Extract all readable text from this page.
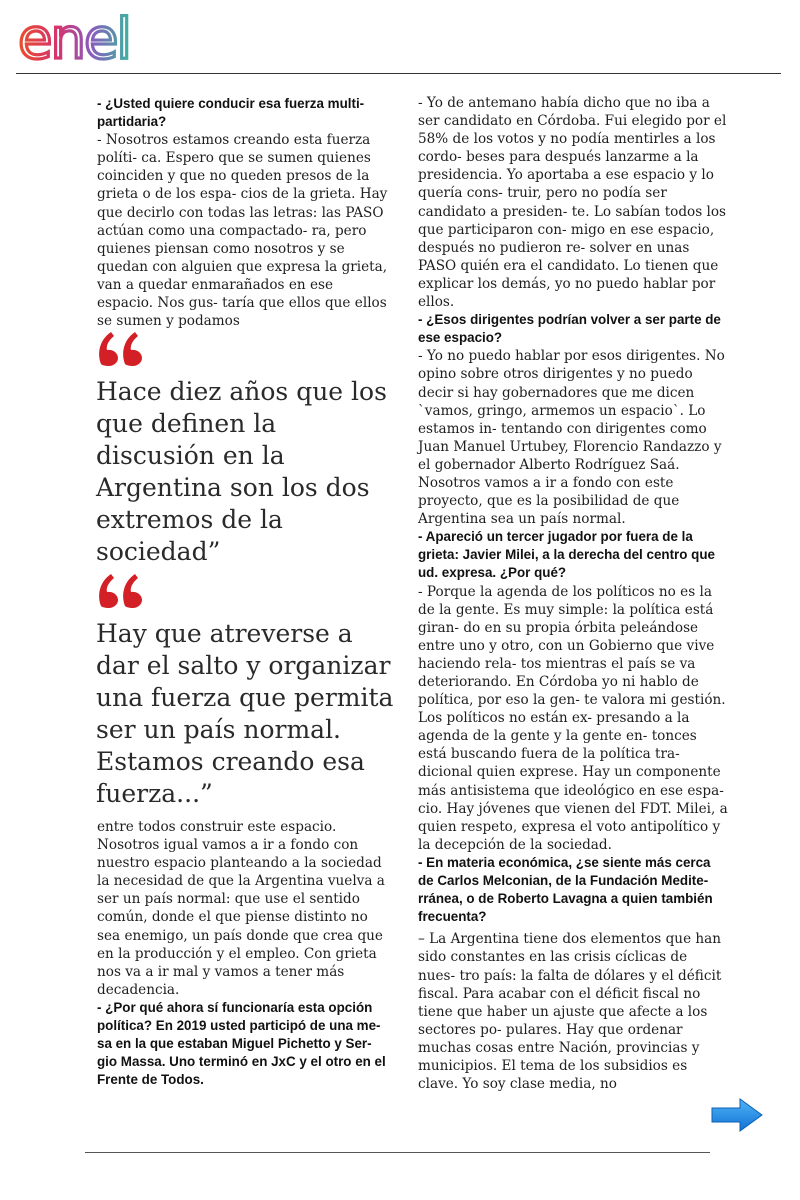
enel

- ¿Usted quiere conducir esa fuerza multi- partidaria?

- Nosotros estamos creando esta fuerza políti- ca. Espero que se sumen quienes coinciden y que no queden presos de la grieta o de los espa- cios de la grieta. Hay que decirlo con todas las letras: las PASO actúan como una compactado- ra, pero quienes piensan como nosotros y se quedan con alguien que expresa la grieta, van a quedar enmarañados en ese espacio. Nos gus- taría que ellos que ellos se sumen y podamos

Hace diez años que los que definen la discusión en la Argentina son los dos extremos de la sociedad”
Hay que atreverse a dar el salto y organizar una fuerza que permita ser un país normal. Estamos creando esa fuerza...”

entre todos construir este espacio. Nosotros igual vamos a ir a fondo con nuestro espacio planteando a la sociedad la necesidad de que la Argentina vuelva a ser un país normal: que use el sentido común, donde el que piense distinto no sea enemigo, un país donde que crea que en la producción y el empleo. Con grieta nos va a ir mal y vamos a tener más decadencia.

- ¿Por qué ahora sí funcionaría esta opción política? En 2019 usted participó de una me- sa en la que estaban Miguel Pichetto y Ser- gio Massa. Uno terminó en JxC y el otro en el Frente de Todos.

- Yo de antemano había dicho que no iba a ser candidato en Córdoba. Fui elegido por el 58% de los votos y no podía mentirles a los cordo- beses para después lanzarme a la presidencia. Yo aportaba a ese espacio y lo quería cons- truir, pero no podía ser candidato a presiden- te. Lo sabían todos los que participaron con- migo en ese espacio, después no pudieron re- solver en unas PASO quién era el candidato. Lo tienen que explicar los demás, yo no puedo hablar por ellos.

- ¿Esos dirigentes podrían volver a ser parte de ese espacio?

- Yo no puedo hablar por esos dirigentes. No opino sobre otros dirigentes y no puedo decir si hay gobernadores que me dicen `vamos, gringo, armemos un espacio`. Lo estamos in- tentando con dirigentes como Juan Manuel Urtubey, Florencio Randazzo y el gobernador Alberto Rodríguez Saá. Nosotros vamos a ir a fondo con este proyecto, que es la posibilidad de que Argentina sea un país normal.

- Apareció un tercer jugador por fuera de la grieta: Javier Milei, a la derecha del centro que ud. expresa. ¿Por qué?

- Porque la agenda de los políticos no es la de la gente. Es muy simple: la política está giran- do en su propia órbita peleándose entre uno y otro, con un Gobierno que vive haciendo rela- tos mientras el país se va deteriorando. En Córdoba yo ni hablo de política, por eso la gen- te valora mi gestión. Los políticos no están ex- presando a la agenda de la gente y la gente en- tonces está buscando fuera de la política tra- dicional quien exprese. Hay un componente más antisistema que ideológico en ese espa- cio. Hay jóvenes que vienen del FDT. Milei, a quien respeto, expresa el voto antipolítico y la decepción de la sociedad.

- En materia económica, ¿se siente más cerca de Carlos Melconian, de la Fundación Medite- rránea, o de Roberto Lavagna a quien también frecuenta?

– La Argentina tiene dos elementos que han sido constantes en las crisis cíclicas de nues- tro país: la falta de dólares y el déficit fiscal. Para acabar con el déficit fiscal no tiene que haber un ajuste que afecte a los sectores po- pulares. Hay que ordenar muchas cosas entre Nación, provincias y municipios. El tema de los subsidios es clave. Yo soy clase media, no
